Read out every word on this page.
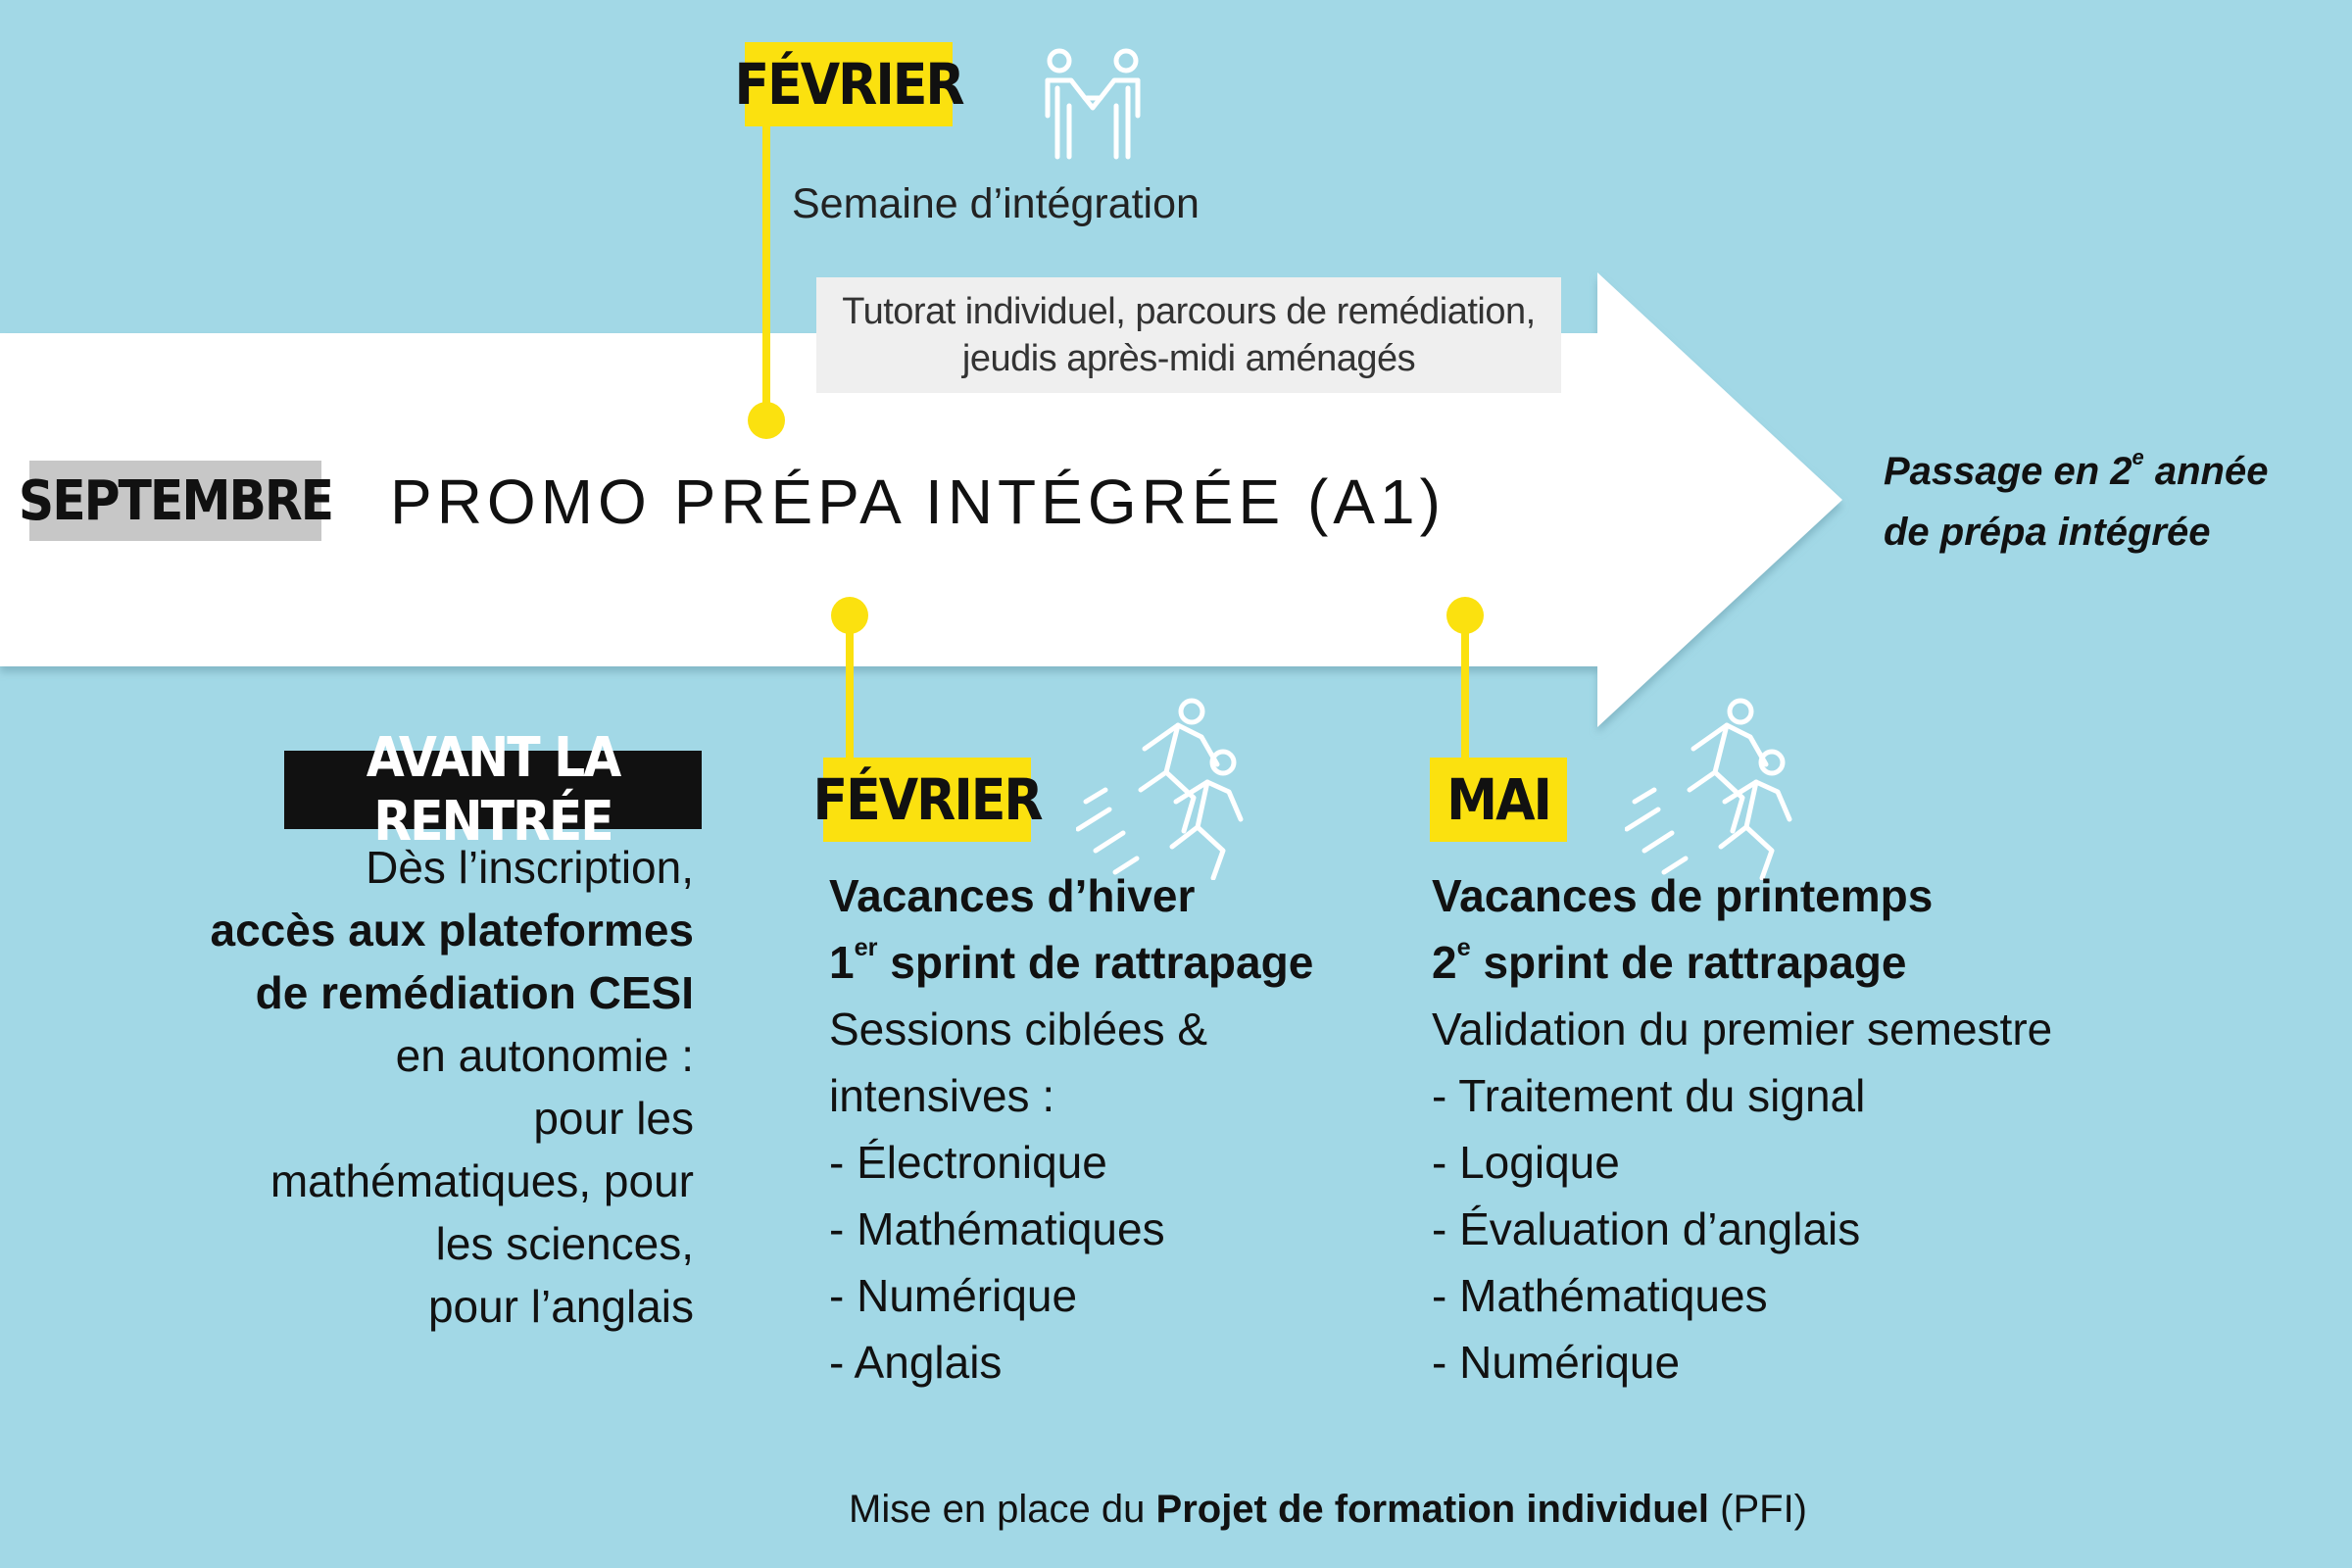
Tutorat individuel, parcours de remédiation,
jeudis après-midi aménagés
SEPTEMBRE PROMO PRÉPA INTÉGRÉE (A1)
FÉVRIER
Semaine d’intégration
Passage en 2e année
de prépa intégrée
AVANT LA RENTRÉE
Dès l’inscription,
accès aux plateformes
de remédiation CESI
en autonomie :
pour les
mathématiques, pour
les sciences,
pour l’anglais
FÉVRIER
Vacances d’hiver
1er sprint de rattrapage
Sessions ciblées &
intensives :
- Électronique
- Mathématiques
- Numérique
- Anglais
MAI
Vacances de printemps
2e sprint de rattrapage
Validation du premier semestre
- Traitement du signal
- Logique
- Évaluation d’anglais
- Mathématiques
- Numérique
Mise en place du Projet de formation individuel (PFI)
